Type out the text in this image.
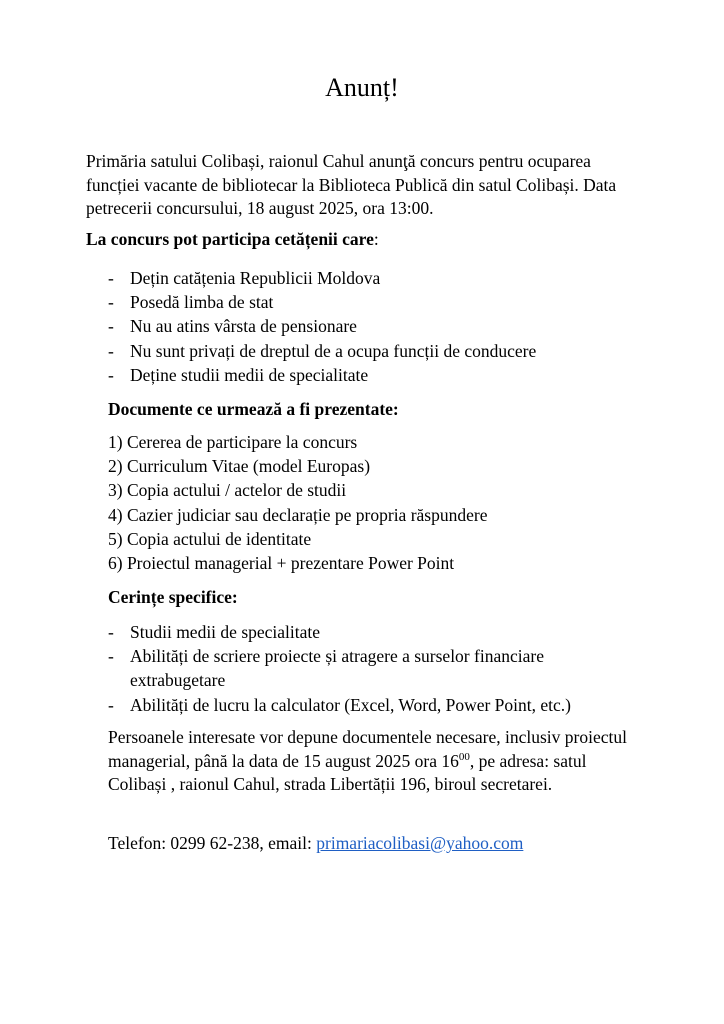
Anunț!

Primăria satului Colibași, raionul Cahul anunţă concurs pentru ocuparea funcției vacante de bibliotecar la Biblioteca Publică din satul Colibași. Data petrecerii concursului, 18 august 2025, ora 13:00.

La concurs pot participa cetățenii care:
- Dețin catățenia Republicii Moldova
- Posedă limba de stat
- Nu au atins vârsta de pensionare
- Nu sunt privați de dreptul de a ocupa funcții de conducere
- Deține studii medii de specialitate
Documente ce urmează a fi prezentate:
1) Cererea de participare la concurs
2) Curriculum Vitae (model Europas)
3) Copia actului / actelor de studii
4) Cazier judiciar sau declarație pe propria răspundere
5) Copia actului de identitate
6) Proiectul managerial + prezentare Power Point
Cerințe specifice:
- Studii medii de specialitate
- Abilități de scriere proiecte și atragere a surselor financiare extrabugetare
- Abilități de lucru la calculator (Excel, Word, Power Point, etc.)

Persoanele interesate vor depune documentele necesare, inclusiv proiectul managerial, până la data de 15 august 2025 ora $16^{00}$, pe adresa: satul Colibași , raionul Cahul, strada Libertății 196, biroul secretarei.

Telefon: 0299 62-238, email: primariacolibasi@yahoo.com
